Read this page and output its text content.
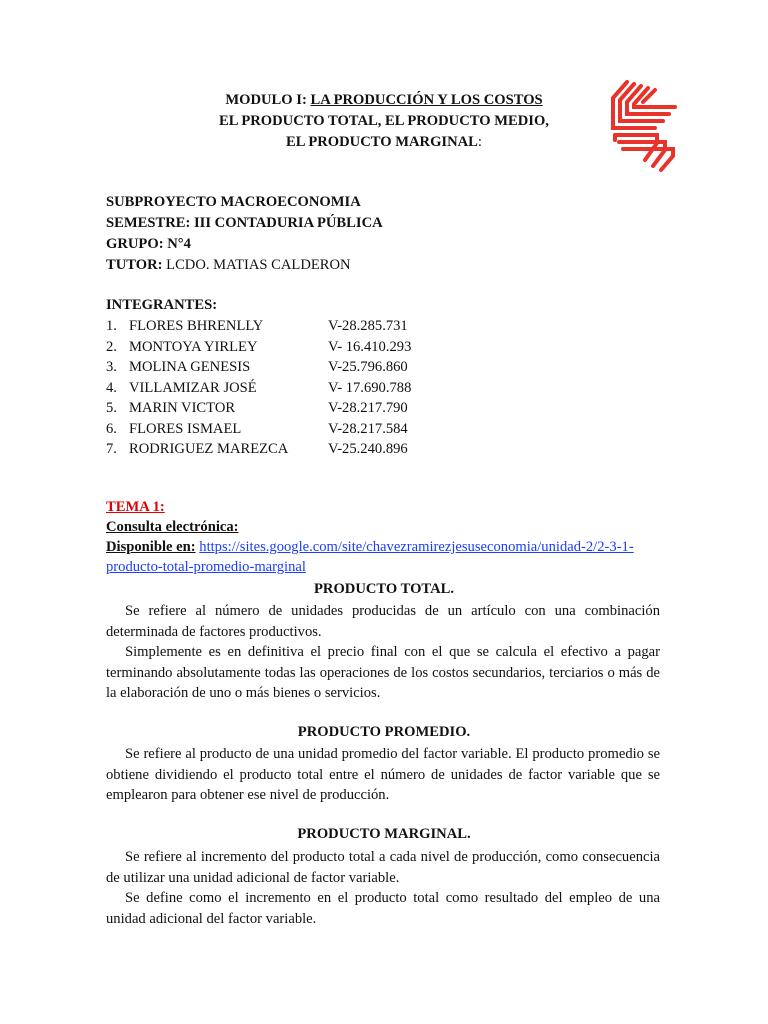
MODULO I: LA PRODUCCIÓN Y LOS COSTOS
EL PRODUCTO TOTAL, EL PRODUCTO MEDIO,
EL PRODUCTO MARGINAL:
SUBPROYECTO MACROECONOMIA
SEMESTRE: III CONTADURIA PÚBLICA
GRUPO: N°4
TUTOR: LCDO. MATIAS CALDERON
INTEGRANTES:
1. FLORES BHRENLLY	V-28.285.731
2. MONTOYA YIRLEY	V- 16.410.293
3. MOLINA GENESIS	V-25.796.860
4. VILLAMIZAR JOSÉ	V- 17.690.788
5. MARIN VICTOR	V-28.217.790
6. FLORES ISMAEL	V-28.217.584
7. RODRIGUEZ MAREZCA	V-25.240.896
TEMA 1:
Consulta electrónica:
Disponible en: https://sites.google.com/site/chavezramirezjesuseconomia/unidad-2/2-3-1-
producto-total-promedio-marginal
PRODUCTO TOTAL.

Se refiere al número de unidades producidas de un artículo con una combinación determinada de factores productivos.

Simplemente es en definitiva el precio final con el que se calcula el efectivo a pagar terminando absolutamente todas las operaciones de los costos secundarios, terciarios o más de la elaboración de uno o más bienes o servicios.

PRODUCTO PROMEDIO.

Se refiere al producto de una unidad promedio del factor variable. El producto promedio se obtiene dividiendo el producto total entre el número de unidades de factor variable que se emplearon para obtener ese nivel de producción.

PRODUCTO MARGINAL.

Se refiere al incremento del producto total a cada nivel de producción, como consecuencia de utilizar una unidad adicional de factor variable.

Se define como el incremento en el producto total como resultado del empleo de una unidad adicional del factor variable.
